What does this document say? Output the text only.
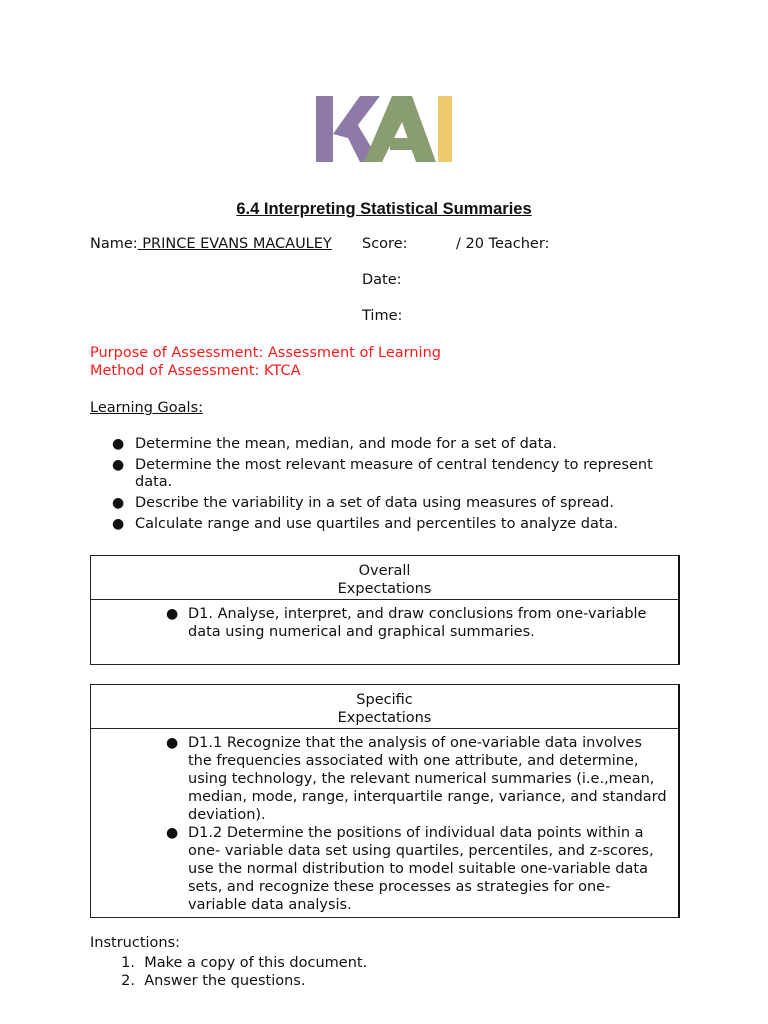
6.4 Interpreting Statistical Summaries
Name: PRINCE EVANS MACAULEY Score:	/ 20 Teacher:
Date:
Time:
Purpose of Assessment: Assessment of Learning
Method of Assessment: KTCA
Learning Goals:
● Determine the mean, median, and mode for a set of data.
● Determine the most relevant measure of central tendency to represent data.
● Describe the variability in a set of data using measures of spread.
● Calculate range and use quartiles and percentiles to analyze data.
Overall
Expectations
● D1. Analyse, interpret, and draw conclusions from one-variable data using numerical and graphical summaries.
Specific
Expectations
● D1.1 Recognize that the analysis of one-variable data involves the frequencies associated with one attribute, and determine, using technology, the relevant numerical summaries (i.e.,mean, median, mode, range, interquartile range, variance, and standard deviation).
● D1.2 Determine the positions of individual data points within a one- variable data set using quartiles, percentiles, and z-scores, use the normal distribution to model suitable one-variable data sets, and recognize these processes as strategies for one-variable data analysis.
Instructions:
1. Make a copy of this document.
2. Answer the questions.
